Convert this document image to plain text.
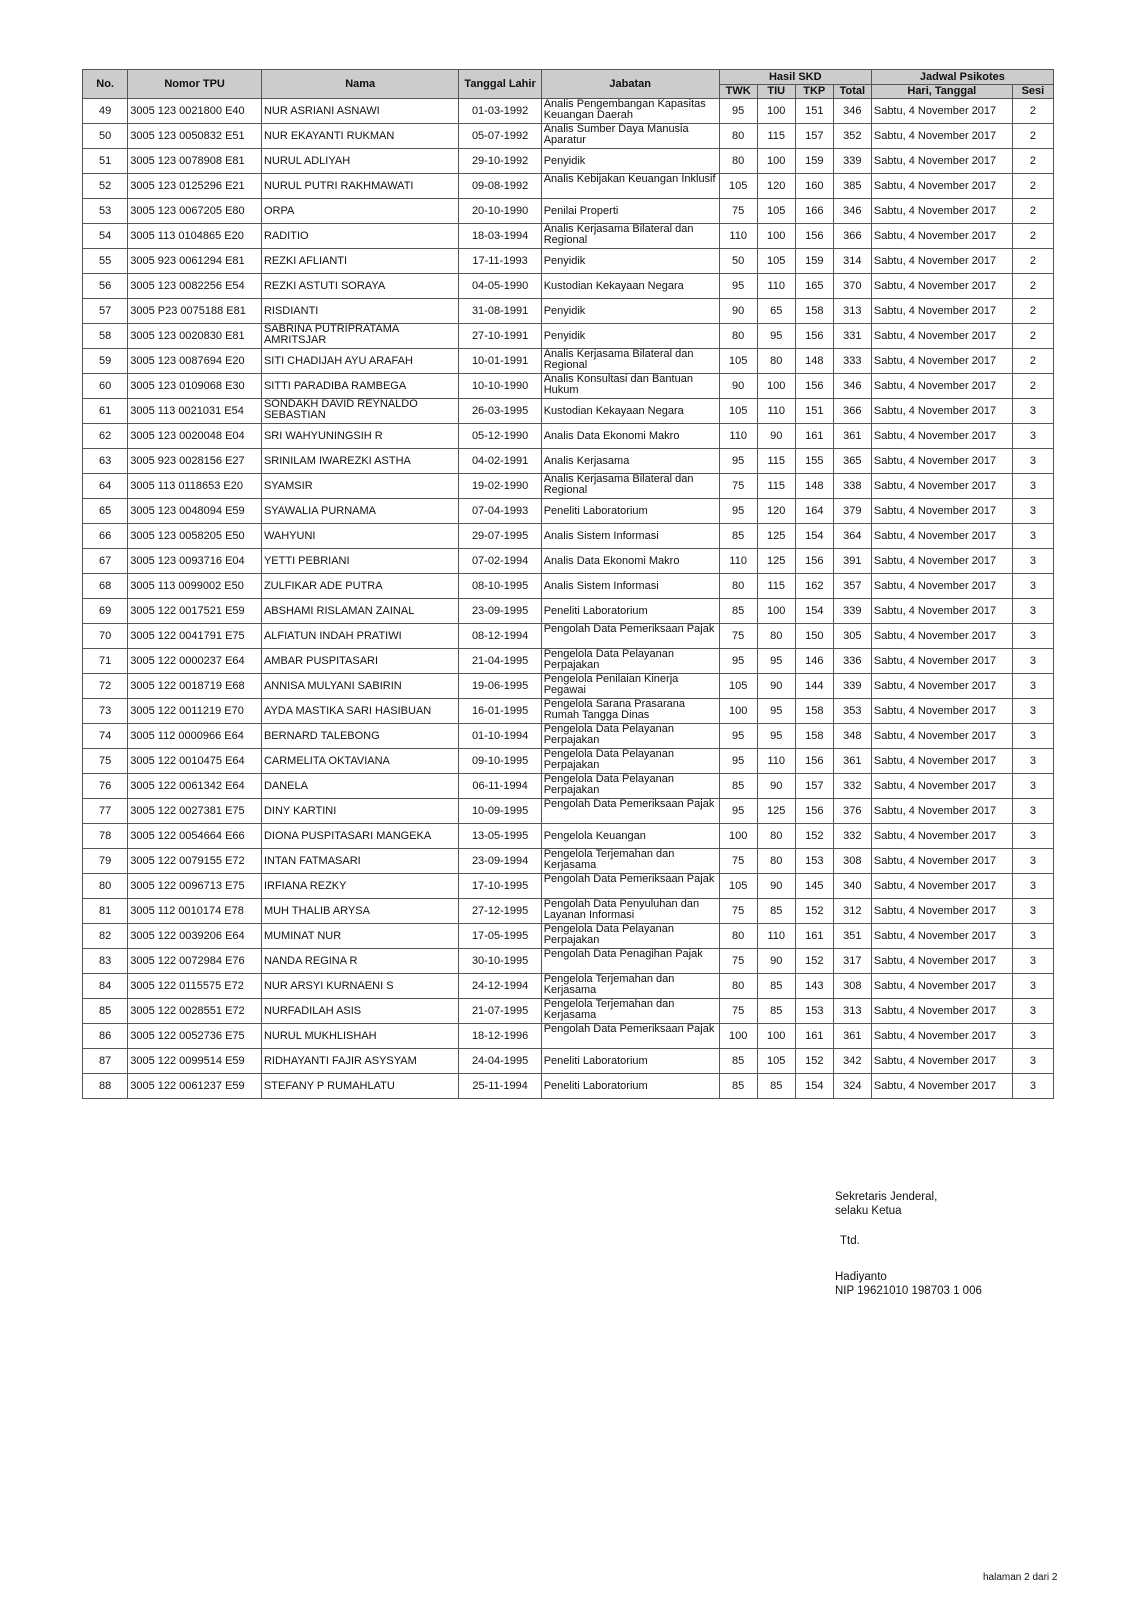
No.	Nomor TPU	Nama	Tanggal Lahir	Jabatan	Hasil SKD				Jadwal Psikotes	
					TWK	TIU	TKP	Total	Hari, Tanggal	Sesi
49	3005 123 0021800 E40	NUR ASRIANI ASNAWI	01-03-1992	Analis Pengembangan Kapasitas Keuangan Daerah	95	100	151	346	Sabtu, 4 November 2017	2
50	3005 123 0050832 E51	NUR EKAYANTI RUKMAN	05-07-1992	Analis Sumber Daya Manusia Aparatur	80	115	157	352	Sabtu, 4 November 2017	2
51	3005 123 0078908 E81	NURUL ADLIYAH	29-10-1992	Penyidik	80	100	159	339	Sabtu, 4 November 2017	2
52	3005 123 0125296 E21	NURUL PUTRI RAKHMAWATI	09-08-1992	Analis Kebijakan Keuangan Inklusif	105	120	160	385	Sabtu, 4 November 2017	2
53	3005 123 0067205 E80	ORPA	20-10-1990	Penilai Properti	75	105	166	346	Sabtu, 4 November 2017	2
54	3005 113 0104865 E20	RADITIO	18-03-1994	Analis Kerjasama Bilateral dan Regional	110	100	156	366	Sabtu, 4 November 2017	2
55	3005 923 0061294 E81	REZKI AFLIANTI	17-11-1993	Penyidik	50	105	159	314	Sabtu, 4 November 2017	2
56	3005 123 0082256 E54	REZKI ASTUTI SORAYA	04-05-1990	Kustodian Kekayaan Negara	95	110	165	370	Sabtu, 4 November 2017	2
57	3005 P23 0075188 E81	RISDIANTI	31-08-1991	Penyidik	90	65	158	313	Sabtu, 4 November 2017	2
58	3005 123 0020830 E81	SABRINA PUTRIPRATAMA AMRITSJAR	27-10-1991	Penyidik	80	95	156	331	Sabtu, 4 November 2017	2
59	3005 123 0087694 E20	SITI CHADIJAH AYU ARAFAH	10-01-1991	Analis Kerjasama Bilateral dan Regional	105	80	148	333	Sabtu, 4 November 2017	2
60	3005 123 0109068 E30	SITTI PARADIBA RAMBEGA	10-10-1990	Analis Konsultasi dan Bantuan Hukum	90	100	156	346	Sabtu, 4 November 2017	2
61	3005 113 0021031 E54	SONDAKH DAVID REYNALDO SEBASTIAN	26-03-1995	Kustodian Kekayaan Negara	105	110	151	366	Sabtu, 4 November 2017	3
62	3005 123 0020048 E04	SRI WAHYUNINGSIH R	05-12-1990	Analis Data Ekonomi Makro	110	90	161	361	Sabtu, 4 November 2017	3
63	3005 923 0028156 E27	SRINILAM IWAREZKI ASTHA	04-02-1991	Analis Kerjasama	95	115	155	365	Sabtu, 4 November 2017	3
64	3005 113 0118653 E20	SYAMSIR	19-02-1990	Analis Kerjasama Bilateral dan Regional	75	115	148	338	Sabtu, 4 November 2017	3
65	3005 123 0048094 E59	SYAWALIA PURNAMA	07-04-1993	Peneliti Laboratorium	95	120	164	379	Sabtu, 4 November 2017	3
66	3005 123 0058205 E50	WAHYUNI	29-07-1995	Analis Sistem Informasi	85	125	154	364	Sabtu, 4 November 2017	3
67	3005 123 0093716 E04	YETTI PEBRIANI	07-02-1994	Analis Data Ekonomi Makro	110	125	156	391	Sabtu, 4 November 2017	3
68	3005 113 0099002 E50	ZULFIKAR ADE PUTRA	08-10-1995	Analis Sistem Informasi	80	115	162	357	Sabtu, 4 November 2017	3
69	3005 122 0017521 E59	ABSHAMI RISLAMAN ZAINAL	23-09-1995	Peneliti Laboratorium	85	100	154	339	Sabtu, 4 November 2017	3
70	3005 122 0041791 E75	ALFIATUN INDAH PRATIWI	08-12-1994	Pengolah Data Pemeriksaan Pajak	75	80	150	305	Sabtu, 4 November 2017	3
71	3005 122 0000237 E64	AMBAR PUSPITASARI	21-04-1995	Pengelola Data Pelayanan Perpajakan	95	95	146	336	Sabtu, 4 November 2017	3
72	3005 122 0018719 E68	ANNISA MULYANI SABIRIN	19-06-1995	Pengelola Penilaian Kinerja Pegawai	105	90	144	339	Sabtu, 4 November 2017	3
73	3005 122 0011219 E70	AYDA MASTIKA SARI HASIBUAN	16-01-1995	Pengelola Sarana Prasarana Rumah Tangga Dinas	100	95	158	353	Sabtu, 4 November 2017	3
74	3005 112 0000966 E64	BERNARD TALEBONG	01-10-1994	Pengelola Data Pelayanan Perpajakan	95	95	158	348	Sabtu, 4 November 2017	3
75	3005 122 0010475 E64	CARMELITA OKTAVIANA	09-10-1995	Pengelola Data Pelayanan Perpajakan	95	110	156	361	Sabtu, 4 November 2017	3
76	3005 122 0061342 E64	DANELA	06-11-1994	Pengelola Data Pelayanan Perpajakan	85	90	157	332	Sabtu, 4 November 2017	3
77	3005 122 0027381 E75	DINY KARTINI	10-09-1995	Pengolah Data Pemeriksaan Pajak	95	125	156	376	Sabtu, 4 November 2017	3
78	3005 122 0054664 E66	DIONA PUSPITASARI MANGEKA	13-05-1995	Pengelola Keuangan	100	80	152	332	Sabtu, 4 November 2017	3
79	3005 122 0079155 E72	INTAN FATMASARI	23-09-1994	Pengelola Terjemahan dan Kerjasama	75	80	153	308	Sabtu, 4 November 2017	3
80	3005 122 0096713 E75	IRFIANA REZKY	17-10-1995	Pengolah Data Pemeriksaan Pajak	105	90	145	340	Sabtu, 4 November 2017	3
81	3005 112 0010174 E78	MUH THALIB ARYSA	27-12-1995	Pengolah Data Penyuluhan dan Layanan Informasi	75	85	152	312	Sabtu, 4 November 2017	3
82	3005 122 0039206 E64	MUMINAT NUR	17-05-1995	Pengelola Data Pelayanan Perpajakan	80	110	161	351	Sabtu, 4 November 2017	3
83	3005 122 0072984 E76	NANDA REGINA R	30-10-1995	Pengolah Data Penagihan Pajak	75	90	152	317	Sabtu, 4 November 2017	3
84	3005 122 0115575 E72	NUR ARSYI KURNAENI S	24-12-1994	Pengelola Terjemahan dan Kerjasama	80	85	143	308	Sabtu, 4 November 2017	3
85	3005 122 0028551 E72	NURFADILAH ASIS	21-07-1995	Pengelola Terjemahan dan Kerjasama	75	85	153	313	Sabtu, 4 November 2017	3
86	3005 122 0052736 E75	NURUL MUKHLISHAH	18-12-1996	Pengolah Data Pemeriksaan Pajak	100	100	161	361	Sabtu, 4 November 2017	3
87	3005 122 0099514 E59	RIDHAYANTI FAJIR ASYSYAM	24-04-1995	Peneliti Laboratorium	85	105	152	342	Sabtu, 4 November 2017	3
88	3005 122 0061237 E59	STEFANY P RUMAHLATU	25-11-1994	Peneliti Laboratorium	85	85	154	324	Sabtu, 4 November 2017	3
Sekretaris Jenderal,
selaku Ketua
Ttd.
Hadiyanto
NIP 19621010 198703 1 006
halaman 2 dari 2
